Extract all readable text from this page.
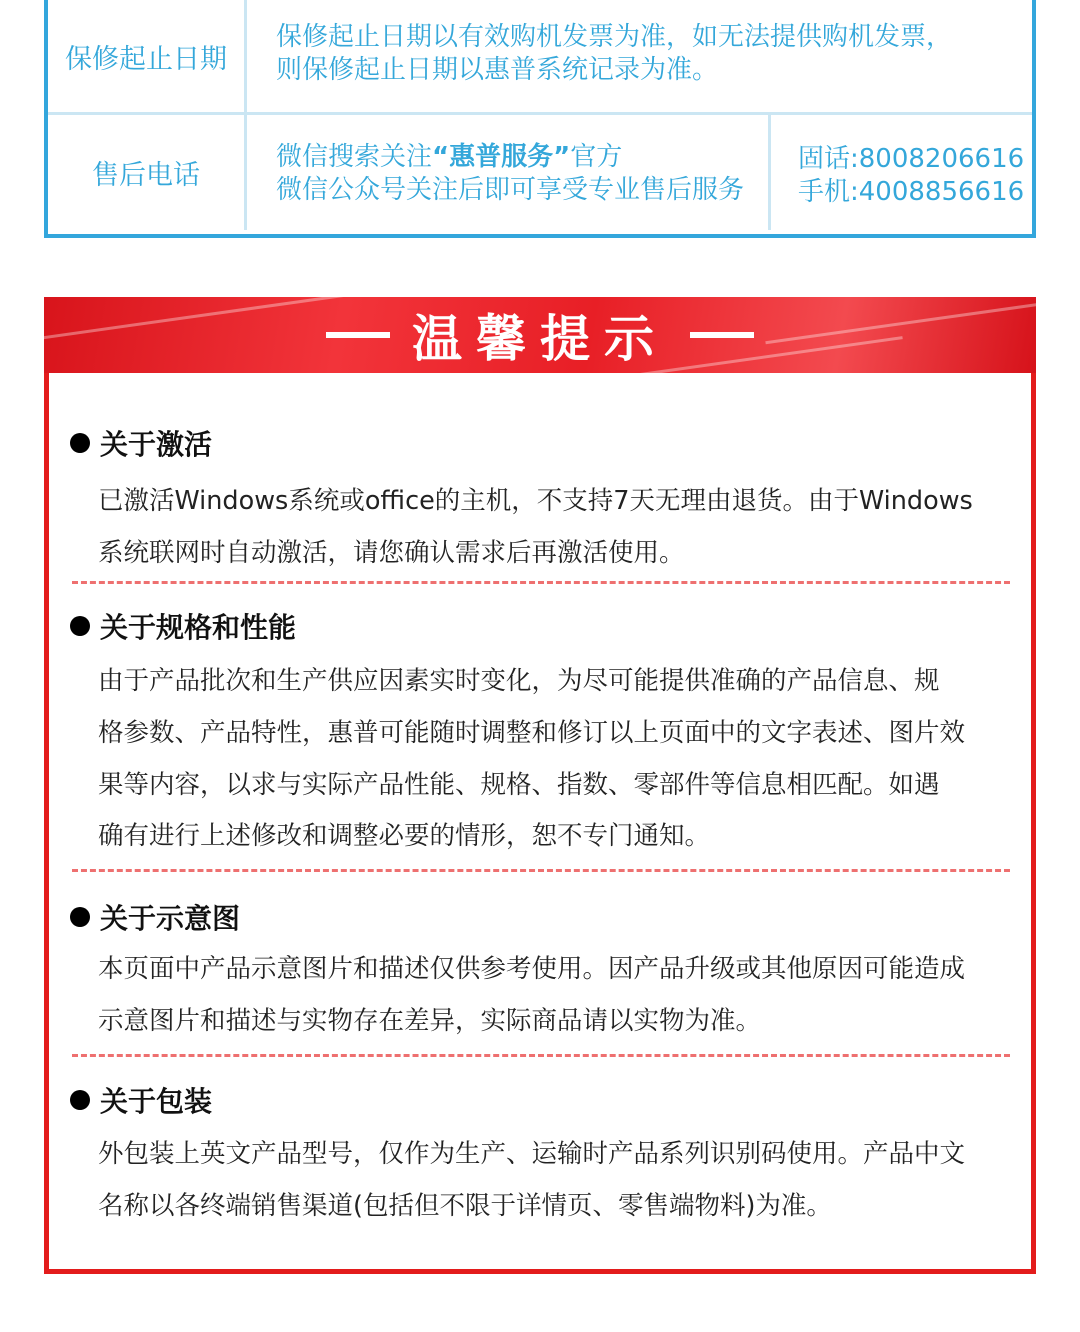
保修起止日期
保修起止日期以有效购机发票为准，如无法提供购机发票，
则保修起止日期以惠普系统记录为准。
售后电话
微信搜索关注“惠普服务”官方
微信公众号关注后即可享受专业售后服务
固话:8008206616
手机:4008856616
温馨提示
关于激活
已激活Windows系统或office的主机，不支持7天无理由退货。由于Windows
系统联网时自动激活，请您确认需求后再激活使用。
关于规格和性能
由于产品批次和生产供应因素实时变化，为尽可能提供准确的产品信息、规
格参数、产品特性，惠普可能随时调整和修订以上页面中的文字表述、图片效
果等内容，以求与实际产品性能、规格、指数、零部件等信息相匹配。如遇
确有进行上述修改和调整必要的情形，恕不专门通知。
关于示意图
本页面中产品示意图片和描述仅供参考使用。因产品升级或其他原因可能造成
示意图片和描述与实物存在差异，实际商品请以实物为准。
关于包装
外包装上英文产品型号，仅作为生产、运输时产品系列识别码使用。产品中文
名称以各终端销售渠道(包括但不限于详情页、零售端物料)为准。
